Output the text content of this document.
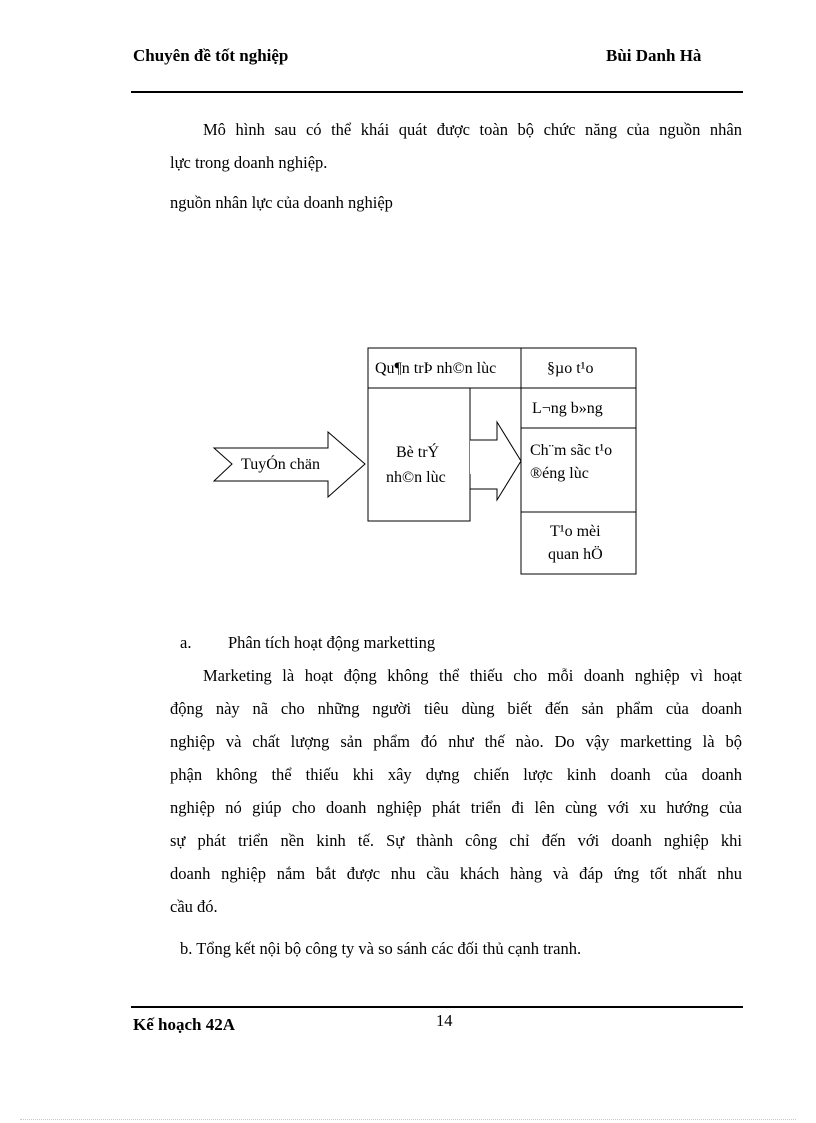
Chuyên đề tốt nghiệp	Bùi Danh Hà
Mô hình sau có thể khái quát được toàn bộ chức năng của nguồn nhân
lực trong doanh nghiệp.
nguồn nhân lực của doanh nghiệp
TuyÓn chän
Qu¶n trÞ nh©n lùc	§µo t¹o
Bè trÝ
nh©n lùc
L¬ng b»ng
Ch¨m sãc t¹o
®éng lùc
T¹o mèi
quan hÖ
a. Phân tích hoạt động marketting
Marketing là hoạt động không thể thiếu cho mỗi doanh nghiệp vì hoạt
động này nã cho những người tiêu dùng biết đến sản phẩm của doanh
nghiệp và chất lượng sản phẩm đó như thế nào. Do vậy marketting là bộ
phận không thể thiếu khi xây dựng chiến lược kinh doanh của doanh
nghiệp nó giúp cho doanh nghiệp phát triển đi lên cùng với xu hướng của
sự phát triển nền kinh tế. Sự thành công chỉ đến với doanh nghiệp khi
doanh nghiệp nắm bắt được nhu cầu khách hàng và đáp ứng tốt nhất nhu
cầu đó.
b. Tổng kết nội bộ công ty và so sánh các đối thủ cạnh tranh.
Kế hoạch 42A	14
